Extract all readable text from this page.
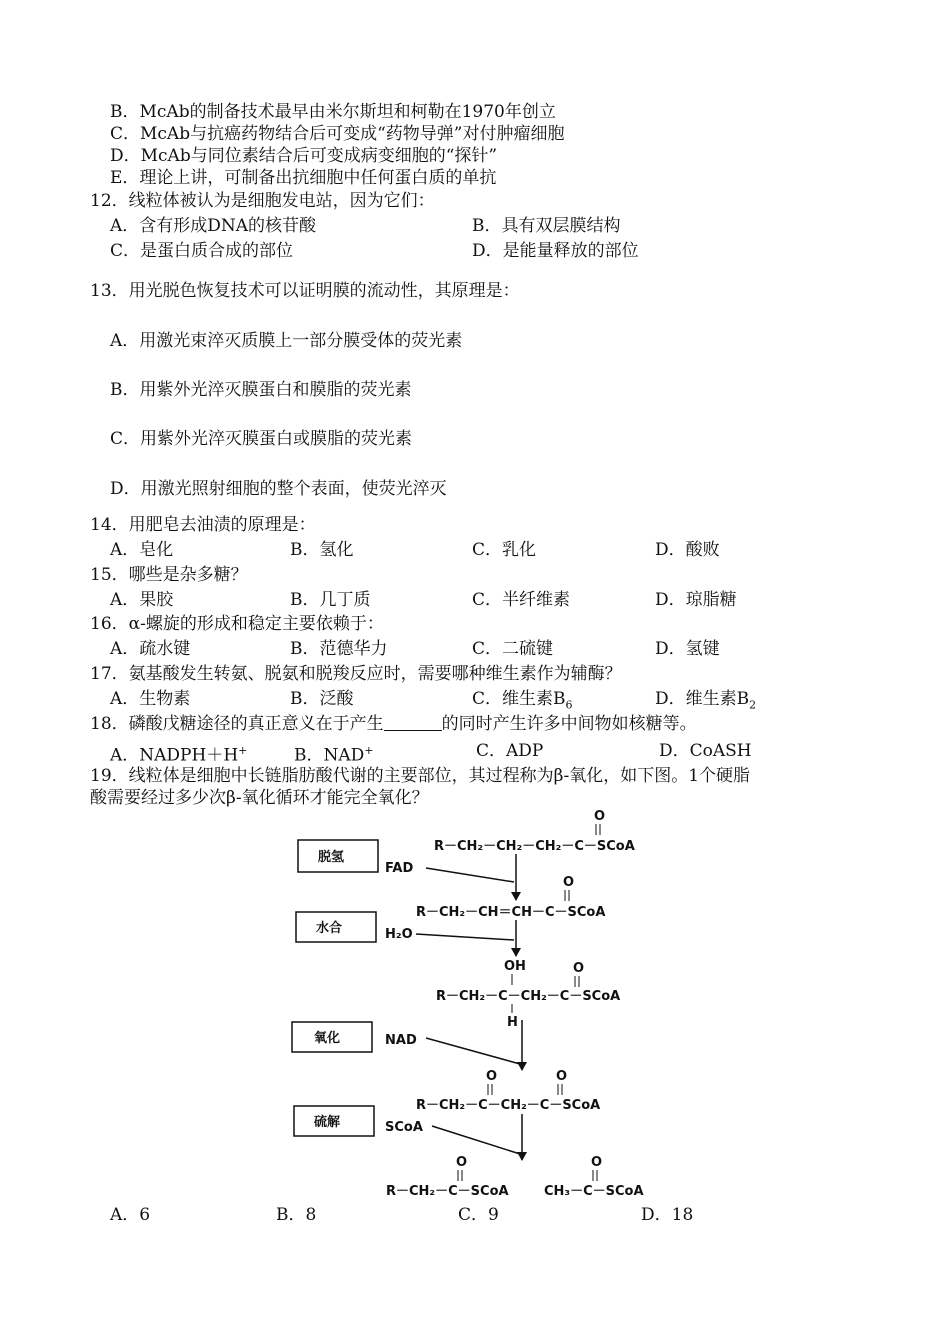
B．McAb的制备技术最早由米尔斯坦和柯勒在1970年创立
C．McAb与抗癌药物结合后可变成“药物导弹”对付肿瘤细胞
D．McAb与同位素结合后可变成病变细胞的“探针”
E．理论上讲，可制备出抗细胞中任何蛋白质的单抗
12．线粒体被认为是细胞发电站，因为它们：
A．含有形成DNA的核苷酸	B．具有双层膜结构
C．是蛋白质合成的部位	D．是能量释放的部位
13．用光脱色恢复技术可以证明膜的流动性，其原理是：
A．用激光束淬灭质膜上一部分膜受体的荧光素
B．用紫外光淬灭膜蛋白和膜脂的荧光素
C．用紫外光淬灭膜蛋白或膜脂的荧光素
D．用激光照射细胞的整个表面，使荧光淬灭
14．用肥皂去油渍的原理是：
A．皂化	B．氢化	C．乳化	D．酸败
15．哪些是杂多糖？
A．果胶	B．几丁质	C．半纤维素	D．琼脂糖
16．α-螺旋的形成和稳定主要依赖于：
A．疏水键	B．范德华力	C．二硫键	D．氢键
17．氨基酸发生转氨、脱氨和脱羧反应时，需要哪种维生素作为辅酶？
A．生物素	B．泛酸	C．维生素$B_6$	D．维生素$B_2$
18．磷酸戊糖途径的真正意义在于产生	的同时产生许多中间物如核糖等。
A．NADPH＋H+	B．NAD+	C．ADP	D．CoASH
19．线粒体是细胞中长链脂肪酸代谢的主要部位，其过程称为β-氧化，如下图。1个硬脂
酸需要经过多少次β-氧化循环才能完全氧化？
脱氢
水合
氧化
硫解
FAD
H₂O
NAD
SCoA
O
R－CH₂－CH₂－CH₂－C－SCoA
O
R－CH₂－CH＝CH－C－SCoA
OH	O
R－CH₂－C－CH₂－C－SCoA
H
O	O
R－CH₂－C－CH₂－C－SCoA
O
R－CH₂－C－SCoA
O
CH₃－C－SCoA
A．6	B．8	C．9	D．18
